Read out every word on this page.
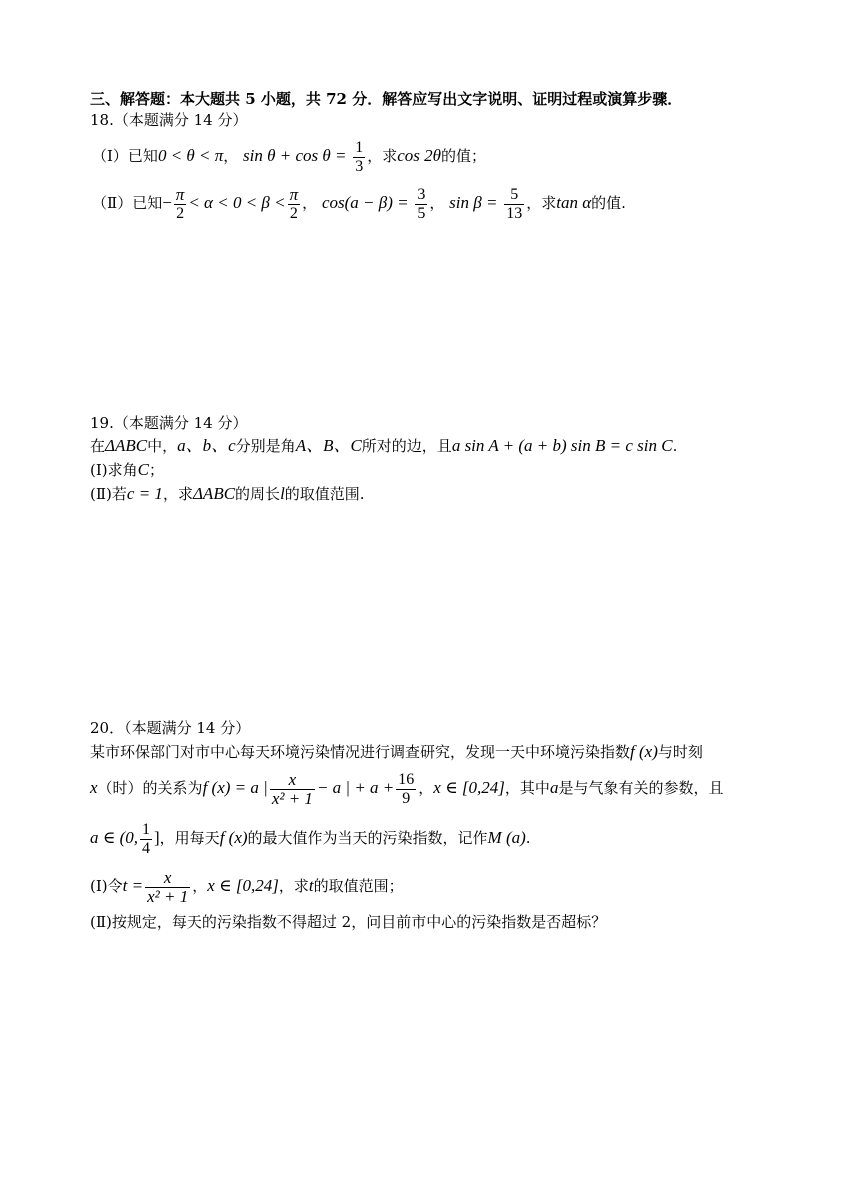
三、解答题：本大题共 5 小题，共 72 分．解答应写出文字说明、证明过程或演算步骤．
18.（本题满分 14 分）
（Ⅰ）已知0 < θ < π， $\sin \theta + \cos \theta = \frac{1}{3}$ ，求cos 2θ的值；
（Ⅱ）已知− $\frac{\pi}{2} < \alpha < 0 < \beta < \frac{\pi}{2}$ ， $\cos(a - \beta) = \frac{3}{5}$ ， $\sin \beta = \frac{5}{13}$ ，求tan α的值.
19.（本题满分 14 分）
在ΔABC中，a、b、c分别是角A、B、C所对的边，且a sin A + (a + b) sin B = c sin C.
(Ⅰ)求角C；
(Ⅱ)若c = 1，求ΔABC的周长l的取值范围.
20．（本题满分 14 分）
某市环保部门对市中心每天环境污染情况进行调查研究，发现一天中环境污染指数f (x)与时刻
x（时）的关系为f (x) = a | $\frac{x}{\text{x² + 1}} - a$ | + $a + \frac{16}{9}$ ，x ∈ [0,24]，其中a是与气象有关的参数，且
a ∈ (0, $\frac{1}{4}$ ]，用每天f (x)的最大值作为当天的污染指数，记作M (a).
(Ⅰ)令$t = \frac{x}{\text{x² + 1}}$ ，x ∈ [0,24]，求t的取值范围；
(Ⅱ)按规定，每天的污染指数不得超过 2，问目前市中心的污染指数是否超标？
